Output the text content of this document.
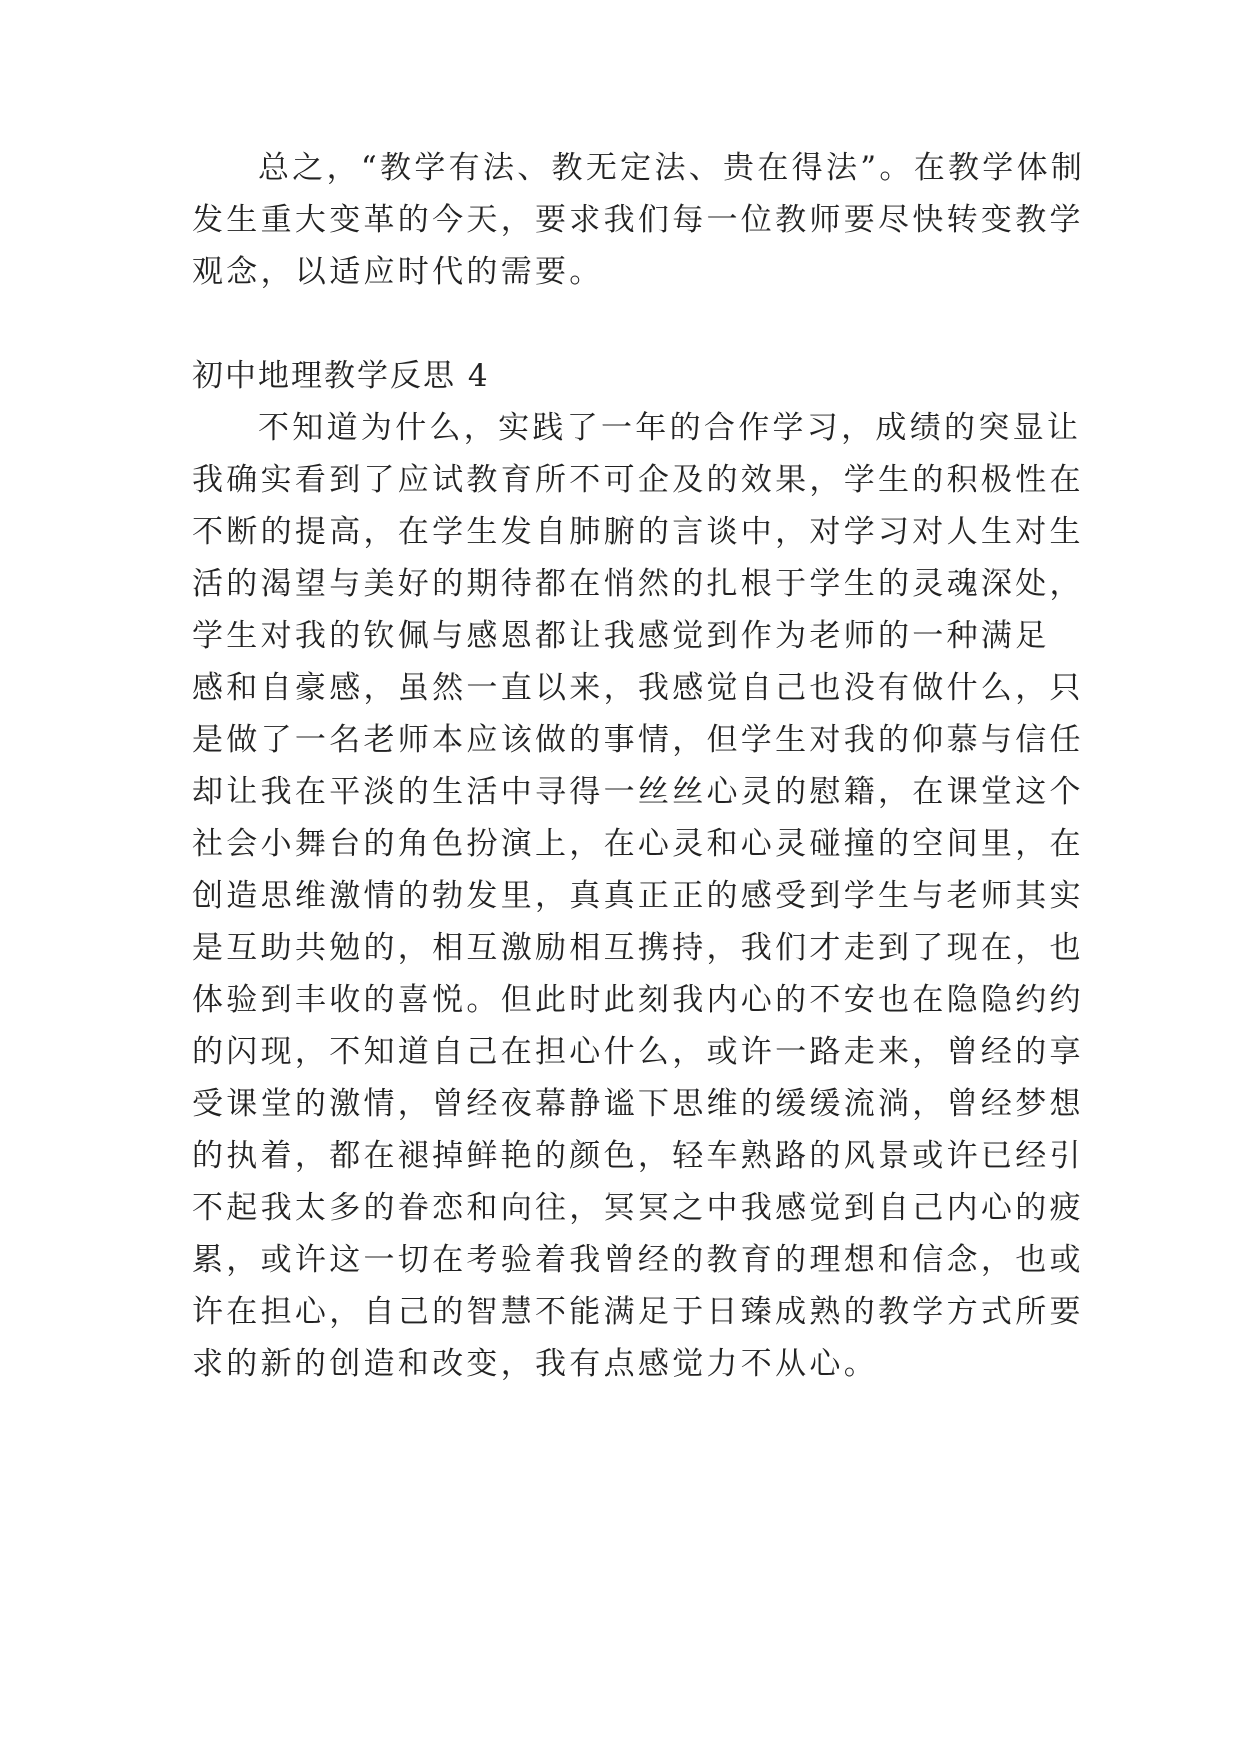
总之，“教学有法、教无定法、贵在得法”。在教学体制
发生重大变革的今天，要求我们每一位教师要尽快转变教学
观念，以适应时代的需要。
初中地理教学反思 4
不知道为什么，实践了一年的合作学习，成绩的突显让
我确实看到了应试教育所不可企及的效果，学生的积极性在
不断的提高，在学生发自肺腑的言谈中，对学习对人生对生
活的渴望与美好的期待都在悄然的扎根于学生的灵魂深处，
学生对我的钦佩与感恩都让我感觉到作为老师的一种满足
感和自豪感，虽然一直以来，我感觉自己也没有做什么，只
是做了一名老师本应该做的事情，但学生对我的仰慕与信任
却让我在平淡的生活中寻得一丝丝心灵的慰籍，在课堂这个
社会小舞台的角色扮演上，在心灵和心灵碰撞的空间里，在
创造思维激情的勃发里，真真正正的感受到学生与老师其实
是互助共勉的，相互激励相互携持，我们才走到了现在，也
体验到丰收的喜悦。但此时此刻我内心的不安也在隐隐约约
的闪现，不知道自己在担心什么，或许一路走来，曾经的享
受课堂的激情，曾经夜幕静谧下思维的缓缓流淌，曾经梦想
的执着，都在褪掉鲜艳的颜色，轻车熟路的风景或许已经引
不起我太多的眷恋和向往，冥冥之中我感觉到自己内心的疲
累，或许这一切在考验着我曾经的教育的理想和信念，也或
许在担心，自己的智慧不能满足于日臻成熟的教学方式所要
求的新的创造和改变，我有点感觉力不从心。
